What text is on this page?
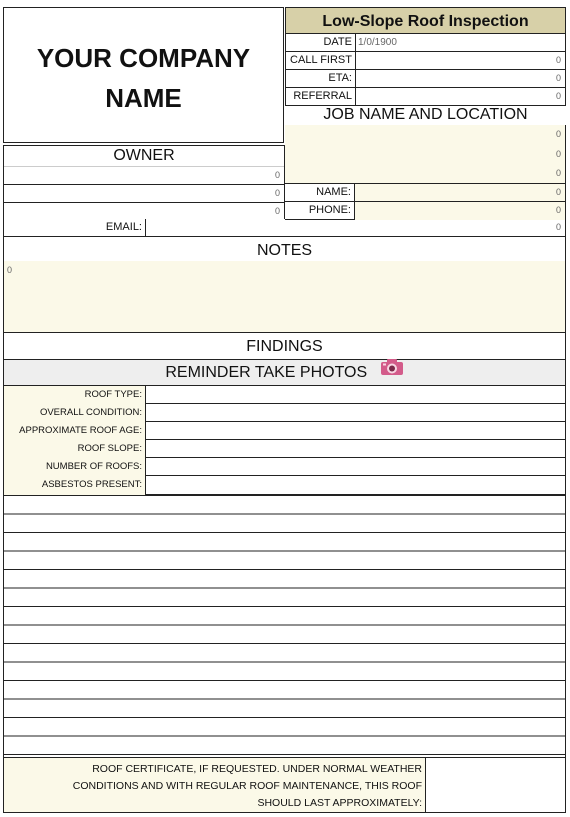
YOUR COMPANY
NAME
Low-Slope Roof Inspection
DATE 1/0/1900
CALL FIRST	0
ETA:	0
REFERRAL	0
JOB NAME AND LOCATION
0
0
0
OWNER
0
0
0
NAME:	0
PHONE:	0
EMAIL:	0
NOTES
0
FINDINGS
REMINDER TAKE PHOTOS
ROOF TYPE:
OVERALL CONDITION:
APPROXIMATE ROOF AGE:
ROOF SLOPE:
NUMBER OF ROOFS:
ASBESTOS PRESENT:
ROOF CERTIFICATE, IF REQUESTED. UNDER NORMAL WEATHER
CONDITIONS AND WITH REGULAR ROOF MAINTENANCE, THIS ROOF
SHOULD LAST APPROXIMATELY:
